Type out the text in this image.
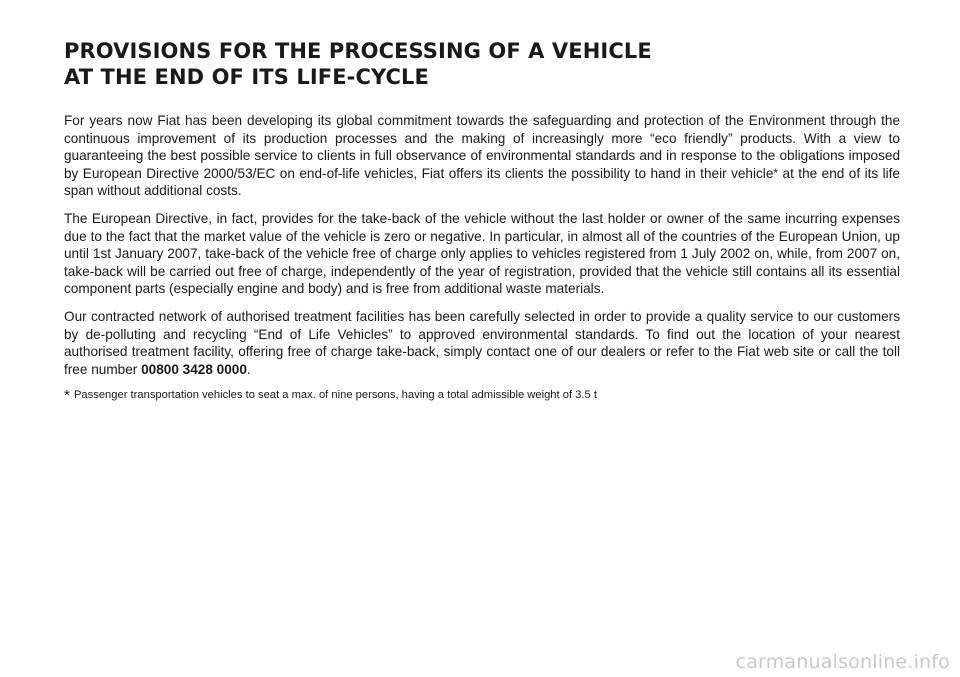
PROVISIONS FOR THE PROCESSING OF A VEHICLE
AT THE END OF ITS LIFE-CYCLE

For years now Fiat has been developing its global commitment towards the safeguarding and protection of the Environment through the continuous improvement of its production processes and the making of increasingly more “eco friendly” products. With a view to guaranteeing the best possible service to clients in full observance of environmental standards and in response to the obligations imposed by European Directive 2000/53/EC on end-of-life vehicles, Fiat offers its clients the possibility to hand in their vehicle* at the end of its life span without additional costs.

The European Directive, in fact, provides for the take-back of the vehicle without the last holder or owner of the same incurring expenses due to the fact that the market value of the vehicle is zero or negative. In particular, in almost all of the countries of the European Union, up until 1st January 2007, take-back of the vehicle free of charge only applies to vehicles registered from 1 July 2002 on, while, from 2007 on, take-back will be carried out free of charge, independently of the year of registration, provided that the vehicle still contains all its essential component parts (especially engine and body) and is free from additional waste materials.

Our contracted network of authorised treatment facilities has been carefully selected in order to provide a quality service to our customers by de-polluting and recycling “End of Life Vehicles” to approved environmental standards. To find out the location of your nearest authorised treatment facility, offering free of charge take-back, simply contact one of our dealers or refer to the Fiat web site or call the toll free number 00800 3428 0000.

* Passenger transportation vehicles to seat a max. of nine persons, having a total admissible weight of 3.5 t

carmanualsonline.info
